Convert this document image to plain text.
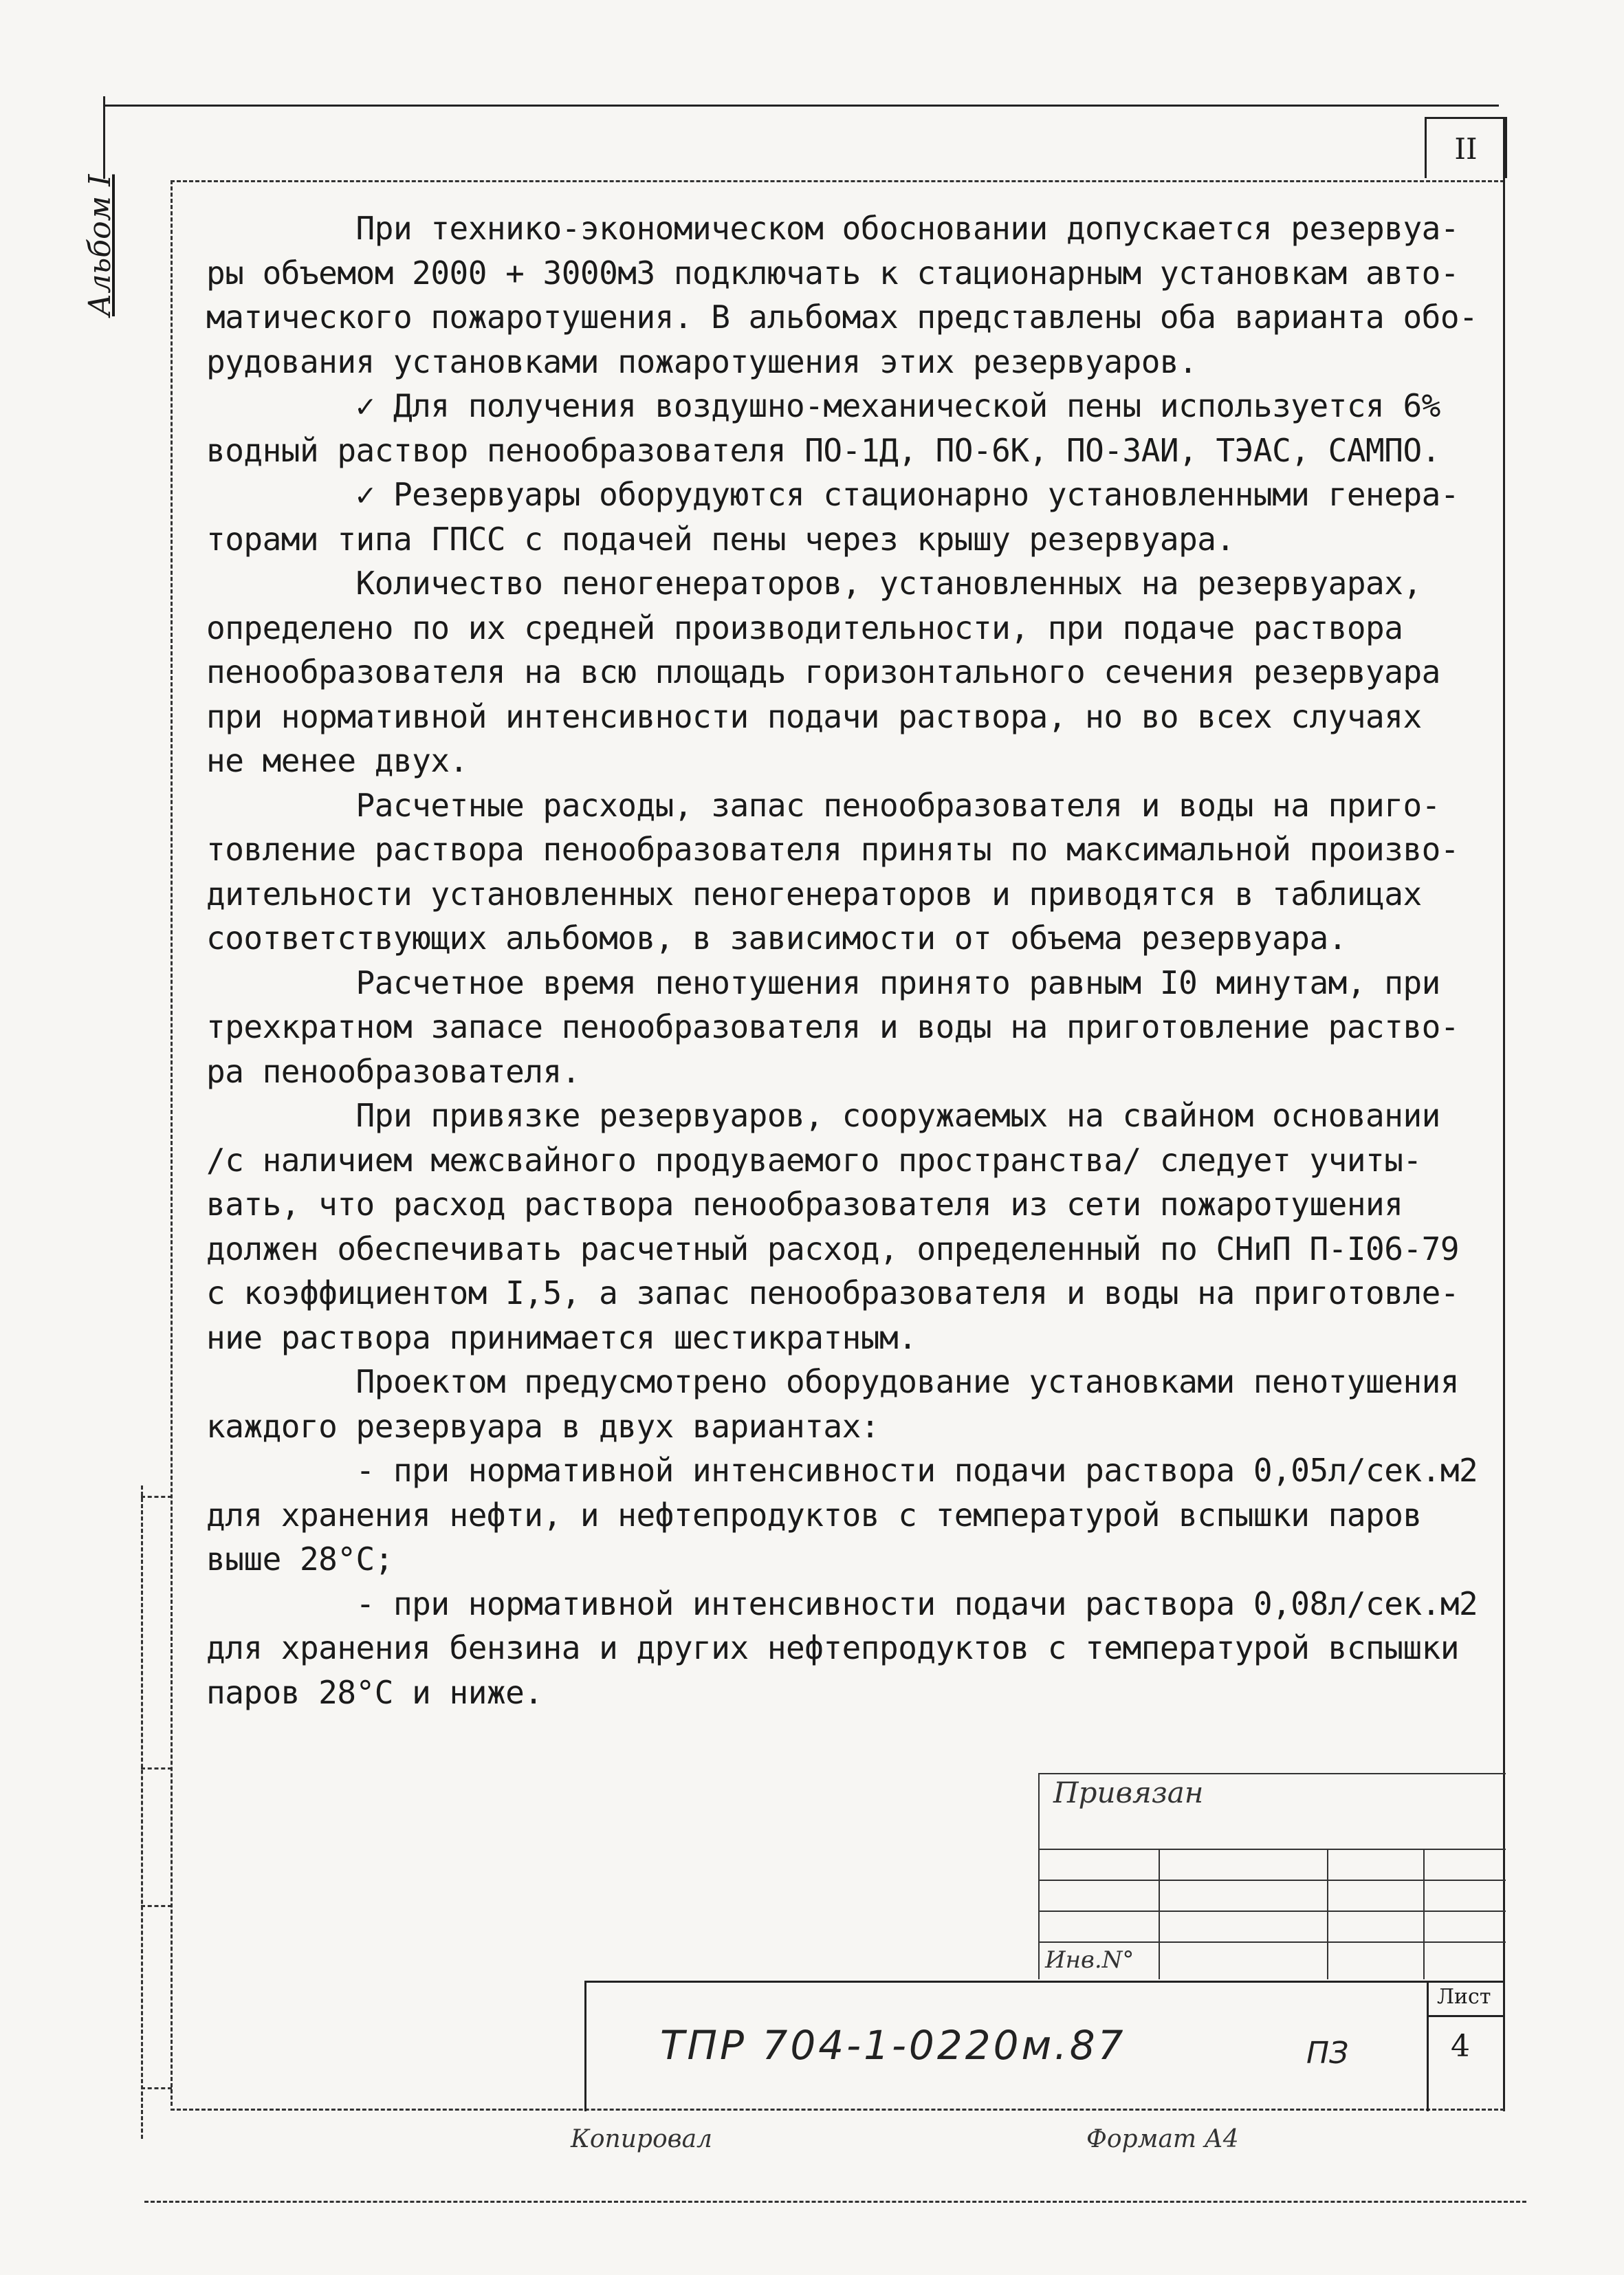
II
Альбом I	При технико-экономическом обосновании допускается резервуа-

ры объемом 2000 + 3000м3 подключать к стационарным установкам авто-

матического пожаротушения. В альбомах представлены оба варианта обо-

рудования установками пожаротушения этих резервуаров.

✓ Для получения воздушно-механической пены используется 6%

водный раствор пенообразователя ПО-1Д, ПО-6К, ПО-ЗАИ, ТЭАС, САМПО.

✓ Резервуары оборудуются стационарно установленными генера-

торами типа ГПСС с подачей пены через крышу резервуара.

Количество пеногенераторов, установленных на резервуарах,

определено по их средней производительности, при подаче раствора

пенообразователя на всю площадь горизонтального сечения резервуара

при нормативной интенсивности подачи раствора, но во всех случаях

не менее двух.

Расчетные расходы, запас пенообразователя и воды на приго-

товление раствора пенообразователя приняты по максимальной произво-

дительности установленных пеногенераторов и приводятся в таблицах

соответствующих альбомов, в зависимости от объема резервуара.

Расчетное время пенотушения принято равным I0 минутам, при

трехкратном запасе пенообразователя и воды на приготовление раство-

ра пенообразователя.

При привязке резервуаров, сооружаемых на свайном основании

/с наличием межсвайного продуваемого пространства/ следует учиты-

вать, что расход раствора пенообразователя из сети пожаротушения

должен обеспечивать расчетный расход, определенный по СНиП П-I06-79

с коэффициентом I,5, а запас пенообразователя и воды на приготовле-

ние раствора принимается шестикратным.

Проектом предусмотрено оборудование установками пенотушения

каждого резервуара в двух вариантах:

- при нормативной интенсивности подачи раствора 0,05л/сек.м2

для хранения нефти, и нефтепродуктов с температурой вспышки паров

выше 28°С;

- при нормативной интенсивности подачи раствора 0,08л/сек.м2

для хранения бензина и других нефтепродуктов с температурой вспышки

паров 28°С и ниже.

Привязан
Инв.N°
ТПР 704-1-0220м.87	ПЗ
Лист
4
Копировал	Формат А4
